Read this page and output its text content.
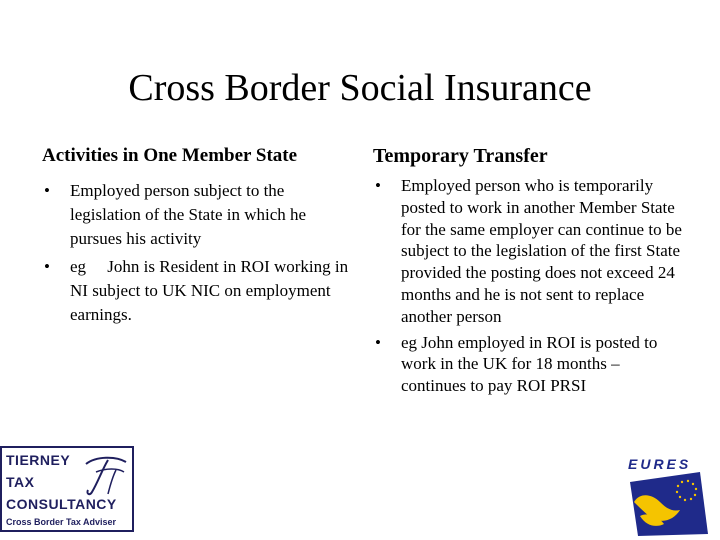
Cross Border Social Insurance
Activities in One Member State
• Employed person subject to the legislation of the State in which he pursues his activity
• eg     John is Resident in ROI working in NI subject to UK NIC on employment  earnings.
Temporary Transfer
• Employed person who is temporarily posted to work in another Member State for the same employer can continue to be subject to the legislation of the first State provided the posting does not exceed 24 months and he is not sent to replace another person
• eg John employed in ROI is posted to work in the UK for 18 months – continues to pay ROI PRSI
TIERNEY
TAX
CONSULTANCY
Cross Border Tax Adviser
EURES
